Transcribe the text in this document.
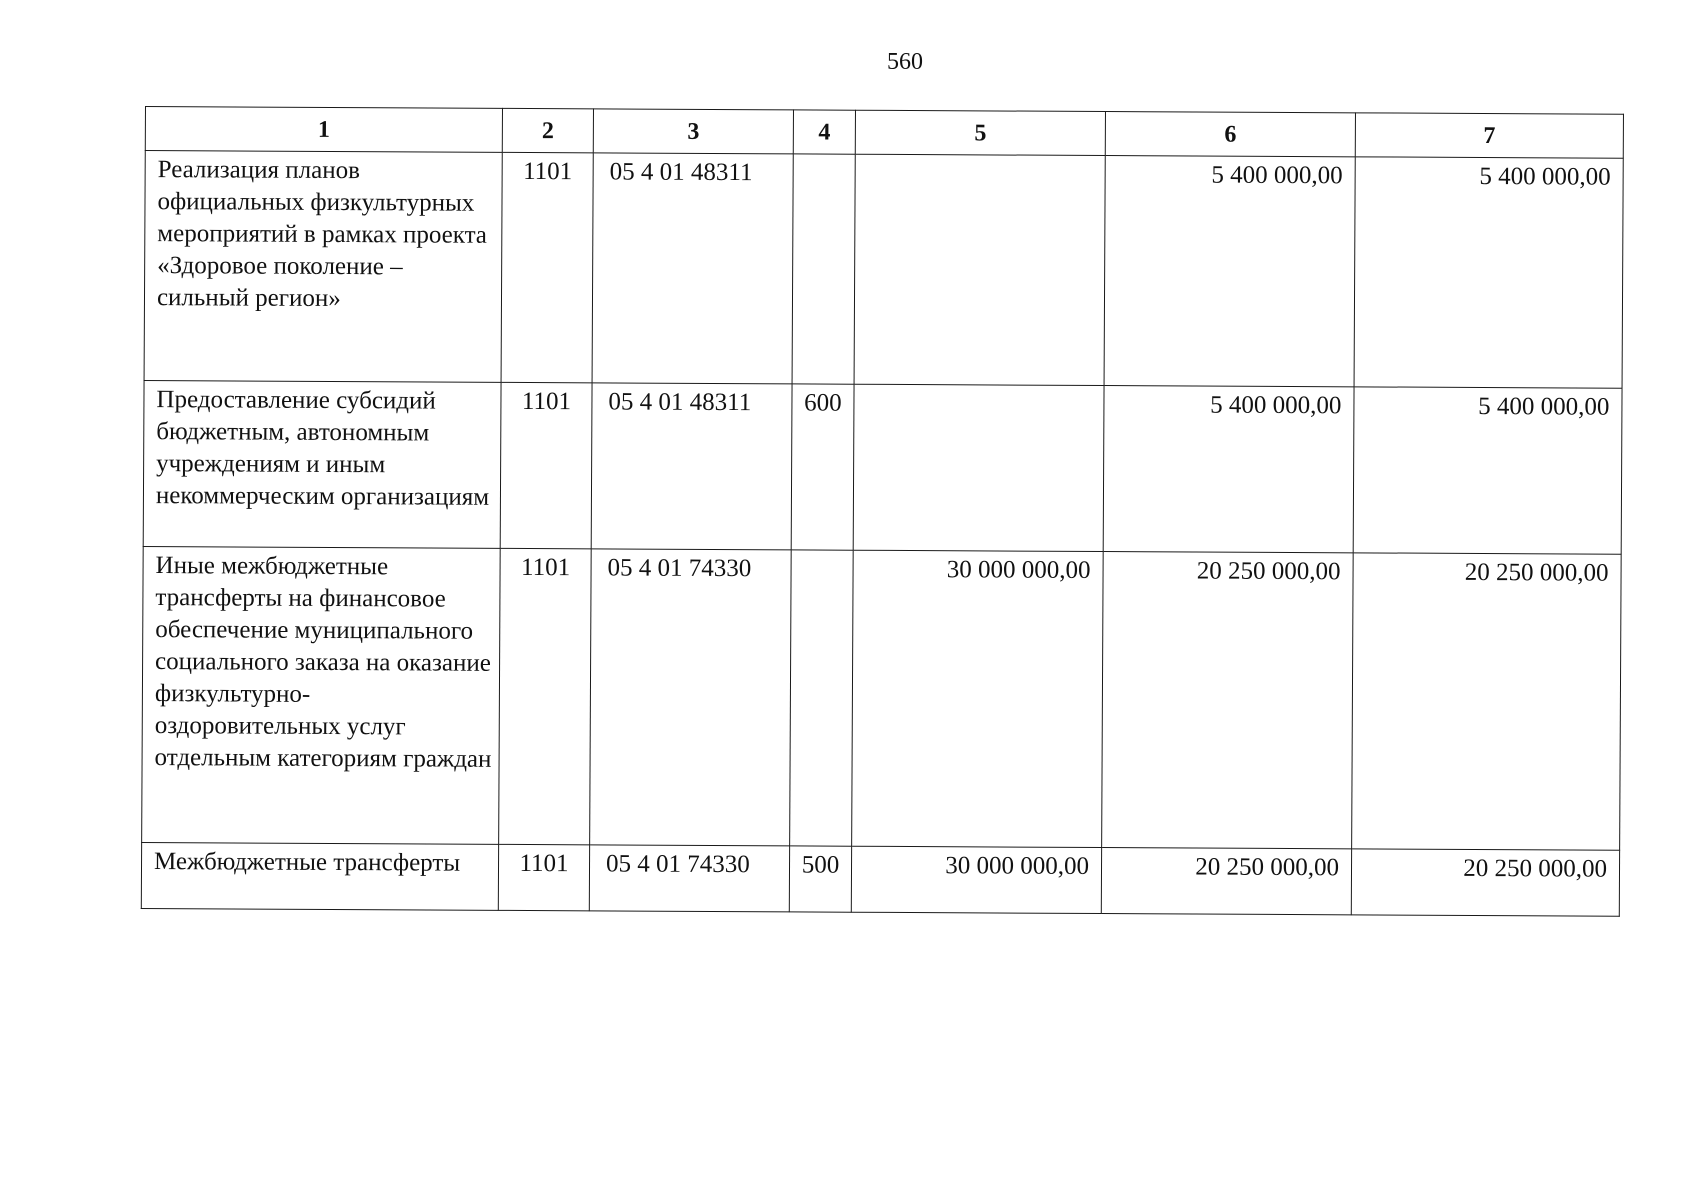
560
1	2	3	4	5	6	7
Реализация планов официальных физкультурных мероприятий в рамках проекта «Здоровое поколение – сильный регион»	1101	05 4 01 48311			5 400 000,00	5 400 000,00
Предоставление субсидий бюджетным, автономным учреждениям и иным некоммерческим организациям	1101	05 4 01 48311	600		5 400 000,00	5 400 000,00
Иные межбюджетные трансферты на финансовое обеспечение муниципального социального заказа на оказание физкультурно-оздоровительных услуг отдельным категориям граждан	1101	05 4 01 74330		30 000 000,00	20 250 000,00	20 250 000,00
Межбюджетные трансферты	1101	05 4 01 74330	500	30 000 000,00	20 250 000,00	20 250 000,00
